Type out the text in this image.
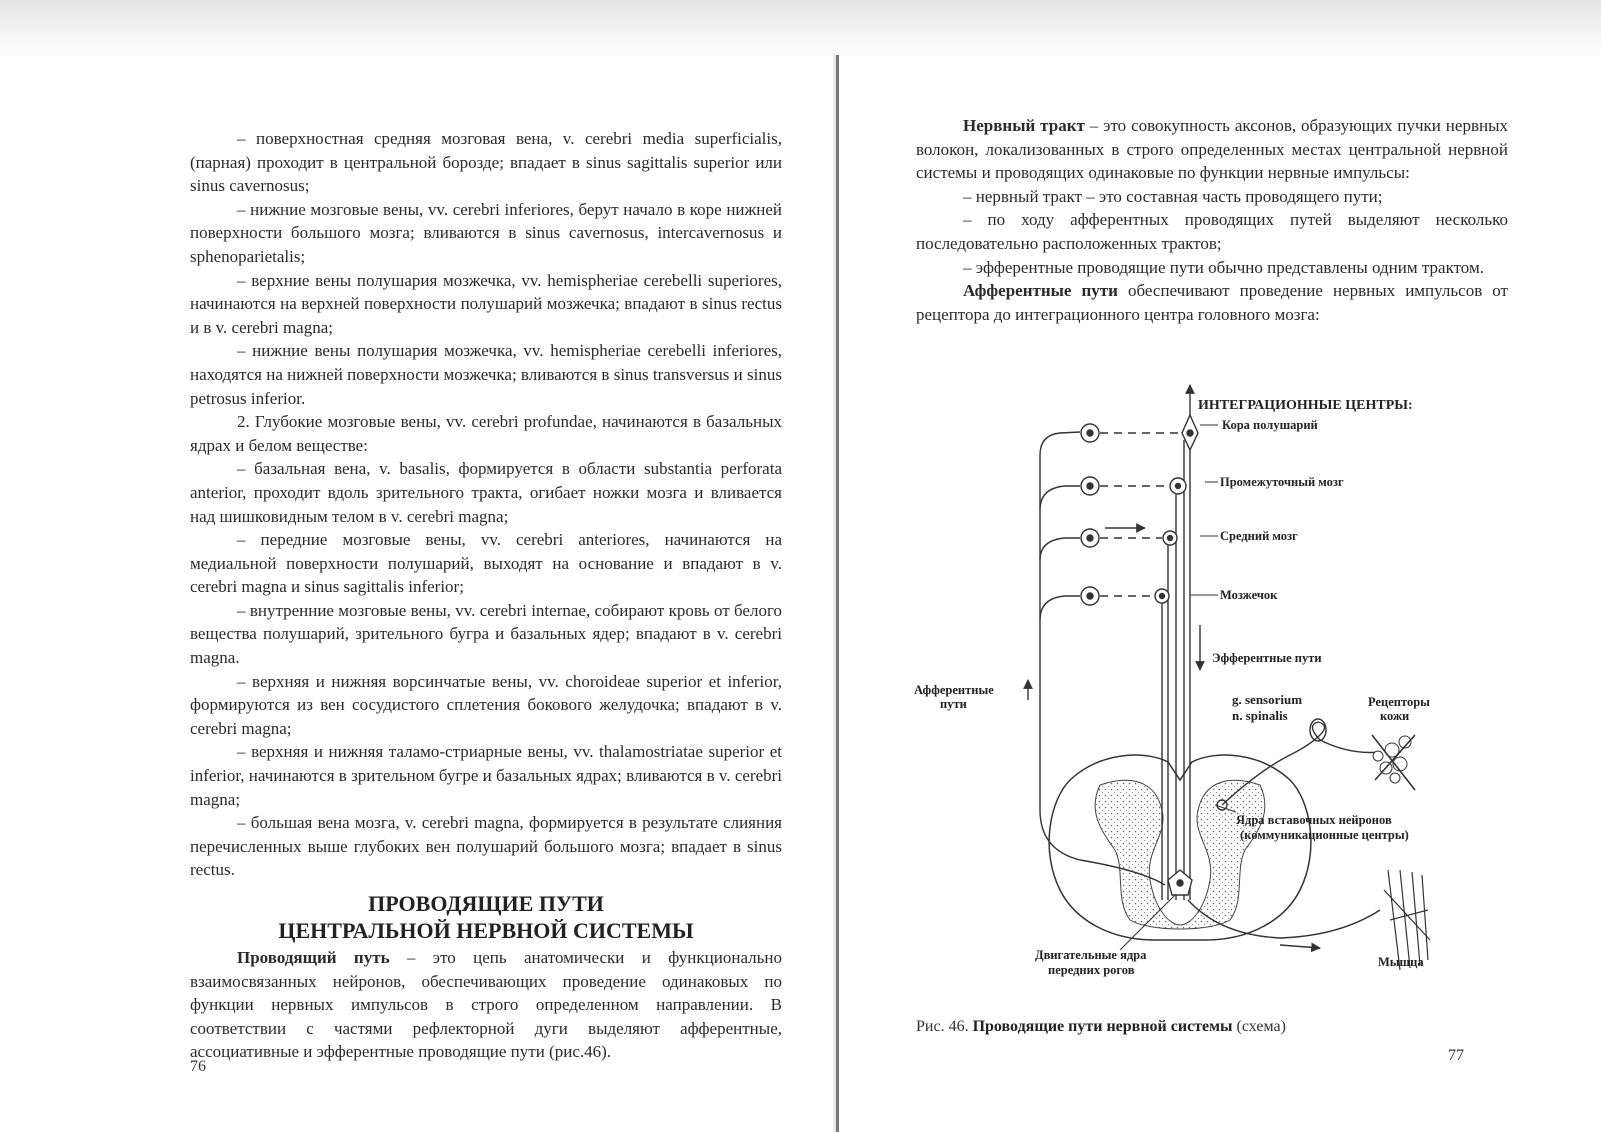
– поверхностная средняя мозговая вена, v. cerebri media superficialis, (парная) проходит в центральной борозде; впадает в sinus sagittalis superior или sinus cavernosus;

– нижние мозговые вены, vv. cerebri inferiores, берут начало в коре нижней поверхности большого мозга; вливаются в sinus cavernosus, intercavernosus и sphenoparietalis;

– верхние вены полушария мозжечка, vv. hemispheriae cerebelli superiores, начинаются на верхней поверхности полушарий мозжечка; впадают в sinus rectus и в v. cerebri magna;

– нижние вены полушария мозжечка, vv. hemispheriae cerebelli inferiores, находятся на нижней поверхности мозжечка; вливаются в sinus transversus и sinus petrosus inferior.

2. Глубокие мозговые вены, vv. cerebri profundae, начинаются в базальных ядрах и белом веществе:

– базальная вена, v. basalis, формируется в области substantia perforata anterior, проходит вдоль зрительного тракта, огибает ножки мозга и вливается над шишковидным телом в v. cerebri magna;

– передние мозговые вены, vv. cerebri anteriores, начинаются на медиальной поверхности полушарий, выходят на основание и впадают в v. cerebri magna и sinus sagittalis inferior;

– внутренние мозговые вены, vv. cerebri internae, собирают кровь от белого вещества полушарий, зрительного бугра и базальных ядер; впадают в v. cerebri magna.

– верхняя и нижняя ворсинчатые вены, vv. choroideae superior et inferior, формируются из вен сосудистого сплетения бокового желудочка; впадают в v. cerebri magna;

– верхняя и нижняя таламо-стриарные вены, vv. thalamostriatae superior et inferior, начинаются в зрительном бугре и базальных ядрах; вливаются в v. cerebri magna;

– большая вена мозга, v. cerebri magna, формируется в результате слияния перечисленных выше глубоких вен полушарий большого мозга; впадает в sinus rectus.

ПРОВОДЯЩИЕ ПУТИ
ЦЕНТРАЛЬНОЙ НЕРВНОЙ СИСТЕМЫ

Проводящий путь – это цепь анатомически и функционально взаимосвязанных нейронов, обеспечивающих проведение одинаковых по функции нервных импульсов в строго определенном направлении. В соответствии с частями рефлекторной дуги выделяют афферентные, ассоциативные и эфферентные проводящие пути (рис.46).

76

Нервный тракт – это совокупность аксонов, образующих пучки нервных волокон, локализованных в строго определенных местах центральной нервной системы и проводящих одинаковые по функции нервные импульсы:

– нервный тракт – это составная часть проводящего пути;

– по ходу афферентных проводящих путей выделяют несколько последовательно расположенных трактов;

– эфферентные проводящие пути обычно представлены одним трактом.

Афферентные пути обеспечивают проведение нервных импульсов от рецептора до интеграционного центра головного мозга:

ИНТЕГРАЦИОННЫЕ ЦЕНТРЫ:
Кора полушарий
Промежуточный мозг
Средний мозг
Мозжечок
Эфферентные пути
Афферентные
пути	g. sensorium
n. spinalis
Рецепторы
кожи
Ядра вставочных нейронов
(коммуникационные центры)
Двигательные ядра
передних рогов
Мышца
Рис. 46. Проводящие пути нервной системы (схема)
77
